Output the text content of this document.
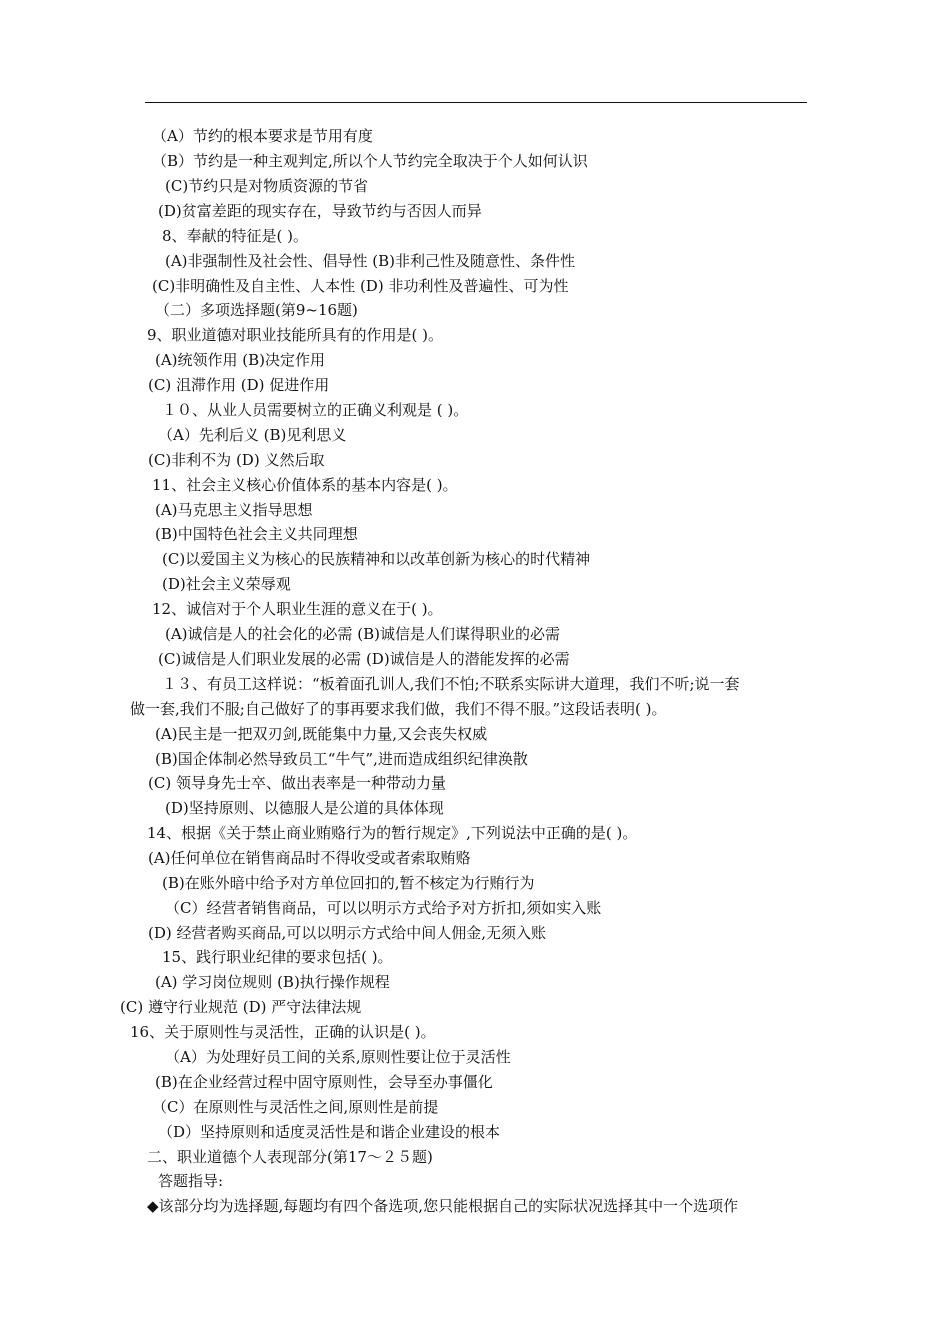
（A）节约的根本要求是节用有度
（B）节约是一种主观判定,所以个人节约完全取决于个人如何认识
(C)节约只是对物质资源的节省
(D)贫富差距的现实存在，导致节约与否因人而异
8、奉献的特征是( )。
(A)非强制性及社会性、倡导性 (B)非利己性及随意性、条件性
(C)非明确性及自主性、人本性 (D) 非功利性及普遍性、可为性
（二）多项选择题(第9~16题)
9、职业道德对职业技能所具有的作用是( )。
(A)统领作用 (B)决定作用
(C) 沮滞作用 (D) 促进作用
１０、从业人员需要树立的正确义利观是 ( )。
（A）先利后义 (B)见利思义
(C)非利不为 (D) 义然后取
11、社会主义核心价值体系的基本内容是( )。
(A)马克思主义指导思想
(B)中国特色社会主义共同理想
(C)以爱国主义为核心的民族精神和以改革创新为核心的时代精神
(D)社会主义荣辱观
12、诚信对于个人职业生涯的意义在于( )。
(A)诚信是人的社会化的必需 (B)诚信是人们谋得职业的必需
(C)诚信是人们职业发展的必需 (D)诚信是人的潜能发挥的必需
１３、有员工这样说：“板着面孔训人,我们不怕;不联系实际讲大道理，我们不听;说一套
做一套,我们不服;自己做好了的事再要求我们做，我们不得不服。”这段话表明( )。
(A)民主是一把双刃剑,既能集中力量,又会丧失权威
(B)国企体制必然导致员工“牛气”,进而造成组织纪律涣散
(C) 领导身先士卒、做出表率是一种带动力量
(D)坚持原则、以德服人是公道的具体体现
14、根据《关于禁止商业贿赂行为的暂行规定》,下列说法中正确的是( )。
(A)任何单位在销售商品时不得收受或者索取贿赂
(B)在账外暗中给予对方单位回扣的,暂不核定为行贿行为
（C）经营者销售商品，可以以明示方式给予对方折扣,须如实入账
(D) 经营者购买商品,可以以明示方式给中间人佣金,无须入账
15、践行职业纪律的要求包括( )。
(A) 学习岗位规则 (B)执行操作规程
(C) 遵守行业规范 (D) 严守法律法规
16、关于原则性与灵活性，正确的认识是( )。
（A）为处理好员工间的关系,原则性要让位于灵活性
(B)在企业经营过程中固守原则性，会导至办事僵化
（C）在原则性与灵活性之间,原则性是前提
（D）坚持原则和适度灵活性是和谐企业建设的根本
二、职业道德个人表现部分(第17～２５题)
答题指导:
◆该部分均为选择题,每题均有四个备选项,您只能根据自己的实际状况选择其中一个选项作
